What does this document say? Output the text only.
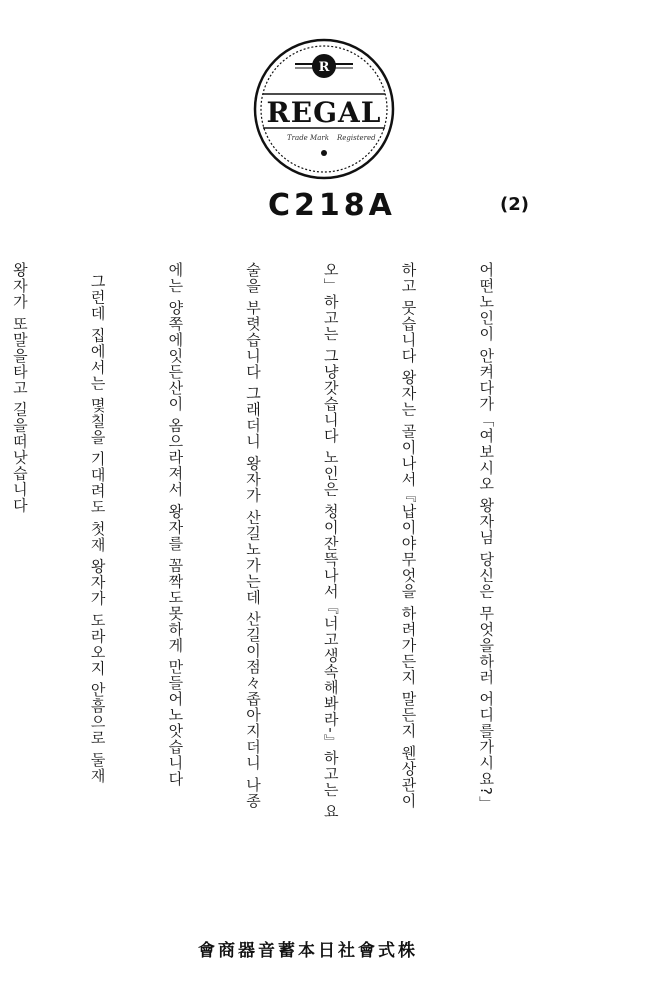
R
REGAL
Trade Mark Registered
C218A	(2)

어떤노인이 안켜다가「여보시오 왕자님 당신은 무엇을하러 어디를가시요?」

하고 뭇습니다 왕자는 골이나서『납이야무엇을 하려가든지 말든지 웬상관이

오」하고는 그냥갓습니다 노인은 청이잔뜩나서『너고생속해봐라-』하고는 요

술을 부렷습니다 그래더니 왕자가 산길노가는데 산길이점々좁아지더니 나종

에는 양쪽에잇든산이 옴으라져서 왕자를 꼼짝도못하게 만들어노앗습니다

그런데 집에서는 몇칠을 기대려도 첫재 왕자가 도라오지 안흠으로 둘재

왕자가 또말을타고 길을떠낫습니다

會商器音蓄本日社會式株
